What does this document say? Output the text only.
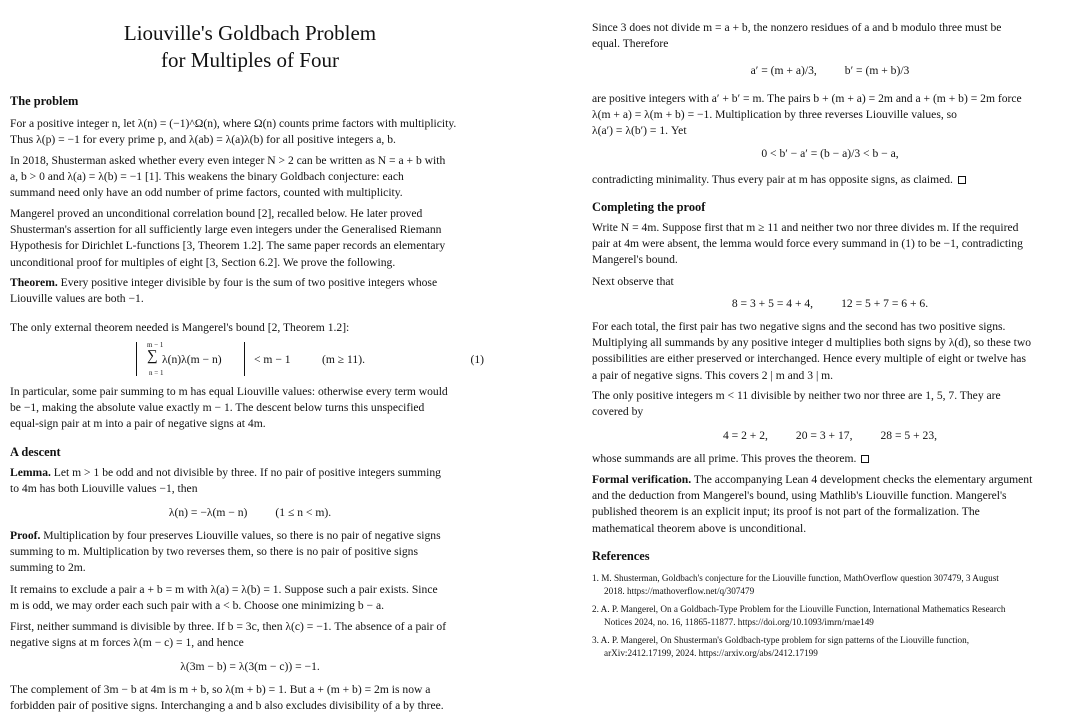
Liouville's Goldbach Problem
for Multiples of Four

The problem

For a positive integer n, let λ(n) = (−1)^Ω(n), where Ω(n) counts prime factors with multiplicity.
Thus λ(p) = −1 for every prime p, and λ(ab) = λ(a)λ(b) for all positive integers a, b.

In 2018, Shusterman asked whether every even integer N > 2 can be written as N = a + b with
a, b > 0 and λ(a) = λ(b) = −1 [1]. This weakens the binary Goldbach conjecture: each
summand need only have an odd number of prime factors, counted with multiplicity.

Mangerel proved an unconditional correlation bound [2], recalled below. He later proved
Shusterman's assertion for all sufficiently large even integers under the Generalised Riemann
Hypothesis for Dirichlet L-functions [3, Theorem 1.2]. The same paper records an elementary
unconditional proof for multiples of eight [3, Section 6.2]. We prove the following.

Theorem. Every positive integer divisible by four is the sum of two positive integers whose
Liouville values are both −1.

The only external theorem needed is Mangerel's bound [2, Theorem 1.2]:

m − 1
∑
n = 1
λ(n)λ(m − n)	< m − 1	(m ≥ 11).	(1)

In particular, some pair summing to m has equal Liouville values: otherwise every term would
be −1, making the absolute value exactly m − 1. The descent below turns this unspecified
equal-sign pair at m into a pair of negative signs at 4m.

A descent

Lemma. Let m > 1 be odd and not divisible by three. If no pair of positive integers summing
to 4m has both Liouville values −1, then

λ(n) = −λ(m − n) (1 ≤ n < m).

Proof. Multiplication by four preserves Liouville values, so there is no pair of negative signs
summing to m. Multiplication by two reverses them, so there is no pair of positive signs
summing to 2m.

It remains to exclude a pair a + b = m with λ(a) = λ(b) = 1. Suppose such a pair exists. Since
m is odd, we may order each such pair with a < b. Choose one minimizing b − a.

First, neither summand is divisible by three. If b = 3c, then λ(c) = −1. The absence of a pair of
negative signs at m forces λ(m − c) = 1, and hence

λ(3m − b) = λ(3(m − c)) = −1.

The complement of 3m − b at 4m is m + b, so λ(m + b) = 1. But a + (m + b) = 2m is now a
forbidden pair of positive signs. Interchanging a and b also excludes divisibility of a by three.

Since 3 does not divide m = a + b, the nonzero residues of a and b modulo three must be
equal. Therefore

a′ = (m + a)/3, b′ = (m + b)/3

are positive integers with a′ + b′ = m. The pairs b + (m + a) = 2m and a + (m + b) = 2m force
λ(m + a) = λ(m + b) = −1. Multiplication by three reverses Liouville values, so
λ(a′) = λ(b′) = 1. Yet

0 < b′ − a′ = (b − a)/3 < b − a,

contradicting minimality. Thus every pair at m has opposite signs, as claimed.

Completing the proof

Write N = 4m. Suppose first that m ≥ 11 and neither two nor three divides m. If the required
pair at 4m were absent, the lemma would force every summand in (1) to be −1, contradicting
Mangerel's bound.

Next observe that

8 = 3 + 5 = 4 + 4, 12 = 5 + 7 = 6 + 6.

For each total, the first pair has two negative signs and the second has two positive signs.
Multiplying all summands by any positive integer d multiplies both signs by λ(d), so these two
possibilities are either preserved or interchanged. Hence every multiple of eight or twelve has
a pair of negative signs. This covers 2 | m and 3 | m.

The only positive integers m < 11 divisible by neither two nor three are 1, 5, 7. They are
covered by

4 = 2 + 2, 20 = 3 + 17, 28 = 5 + 23,

whose summands are all prime. This proves the theorem.

Formal verification. The accompanying Lean 4 development checks the elementary argument
and the deduction from Mangerel's bound, using Mathlib's Liouville function. Mangerel's
published theorem is an explicit input; its proof is not part of the formalization. The
mathematical theorem above is unconditional.

References

1. M. Shusterman, Goldbach's conjecture for the Liouville function, MathOverflow question 307479, 3 August
2018. https://mathoverflow.net/q/307479
2. A. P. Mangerel, On a Goldbach-Type Problem for the Liouville Function, International Mathematics Research
Notices 2024, no. 16, 11865-11877. https://doi.org/10.1093/imrn/rnae149
3. A. P. Mangerel, On Shusterman's Goldbach-type problem for sign patterns of the Liouville function,
arXiv:2412.17199, 2024. https://arxiv.org/abs/2412.17199
